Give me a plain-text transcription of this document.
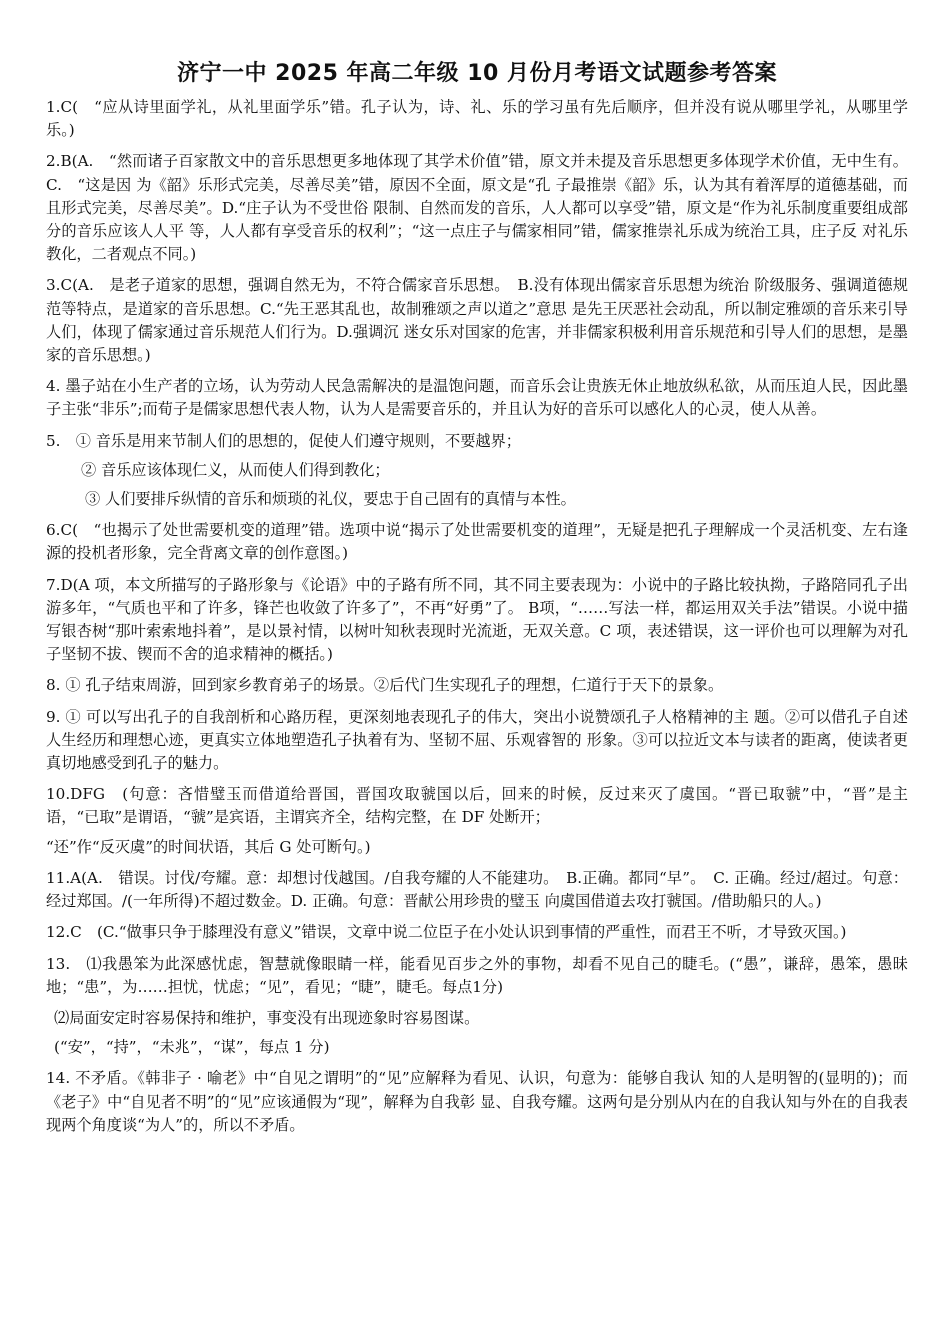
济宁一中 2025 年高二年级 10 月份月考语文试题参考答案

1.C(　“应从诗里面学礼，从礼里面学乐”错。孔子认为，诗、礼、乐的学习虽有先后顺序，但并没有说从哪里学礼，从哪里学乐。)

2.B(A.　“然而诸子百家散文中的音乐思想更多地体现了其学术价值”错，原文并未提及音乐思想更多体现学术价值，无中生有。C.　“这是因 为《韶》乐形式完美，尽善尽美”错，原因不全面，原文是“孔 子最推崇《韶》乐，认为其有着浑厚的道德基础，而且形式完美，尽善尽美”。D.“庄子认为不受世俗 限制、自然而发的音乐，人人都可以享受”错，原文是“作为礼乐制度重要组成部分的音乐应该人人平 等，人人都有享受音乐的权利”；“这一点庄子与儒家相同”错，儒家推崇礼乐成为统治工具，庄子反 对礼乐教化，二者观点不同。)

3.C(A.　是老子道家的思想，强调自然无为，不符合儒家音乐思想。　B.没有体现出儒家音乐思想为统治 阶级服务、强调道德规范等特点，是道家的音乐思想。C.“先王恶其乱也，故制雅颂之声以道之”意思 是先王厌恶社会动乱，所以制定雅颂的音乐来引导人们，体现了儒家通过音乐规范人们行为。D.强调沉 迷女乐对国家的危害，并非儒家积极利用音乐规范和引导人们的思想，是墨家的音乐思想。)

4. 墨子站在小生产者的立场，认为劳动人民急需解决的是温饱问题，而音乐会让贵族无休止地放纵私欲，从而压迫人民，因此墨子主张“非乐”;而荀子是儒家思想代表人物，认为人是需要音乐的，并且认为好的音乐可以感化人的心灵，使人从善。

5.　① 音乐是用来节制人们的思想的，促使人们遵守规则，不要越界；

② 音乐应该体现仁义，从而使人们得到教化；

③ 人们要排斥纵情的音乐和烦琐的礼仪，要忠于自己固有的真情与本性。

6.C(　“也揭示了处世需要机变的道理”错。选项中说“揭示了处世需要机变的道理”，无疑是把孔子理解成一个灵活机变、左右逢源的投机者形象，完全背离文章的创作意图。)

7.D(A 项，本文所描写的子路形象与《论语》中的子路有所不同，其不同主要表现为：小说中的子路比较执拗，子路陪同孔子出游多年，“气质也平和了许多，锋芒也收敛了许多了”，不再“好勇”了。 B项，“……写法一样，都运用双关手法”错误。小说中描写银杏树“那叶索索地抖着”，是以景衬情，以树叶知秋表现时光流逝，无双关意。C 项，表述错误，这一评价也可以理解为对孔子坚韧不拔、锲而不舍的追求精神的概括。)

8. ① 孔子结束周游，回到家乡教育弟子的场景。②后代门生实现孔子的理想，仁道行于天下的景象。

9. ① 可以写出孔子的自我剖析和心路历程，更深刻地表现孔子的伟大，突出小说赞颂孔子人格精神的主 题。②可以借孔子自述人生经历和理想心迹，更真实立体地塑造孔子执着有为、坚韧不屈、乐观睿智的 形象。③可以拉近文本与读者的距离，使读者更真切地感受到孔子的魅力。

10.DFG　(句意：吝惜璧玉而借道给晋国，晋国攻取虢国以后，回来的时候，反过来灭了虞国。“晋已取虢”中，“晋”是主语，“已取”是谓语，“虢”是宾语，主谓宾齐全，结构完整，在 DF 处断开；

“还”作“反灭虞”的时间状语，其后 G 处可断句。)

11.A(A.　错误。讨伐/夸耀。意：却想讨伐越国。/自我夸耀的人不能建功。　B.正确。都同“早”。　C. 正确。经过/超过。句意：经过郑国。/(一年所得)不超过数金。D. 正确。句意：晋献公用珍贵的璧玉 向虞国借道去攻打虢国。/借助船只的人。)

12.C　(C.“做事只争于膝理没有意义”错误，文章中说二位臣子在小处认识到事情的严重性，而君王不听，才导致灭国。)

13.　⑴我愚笨为此深感忧虑，智慧就像眼睛一样，能看见百步之外的事物，却看不见自己的睫毛。(“愚”，谦辞，愚笨，愚昧地；“患”，为……担忧，忧虑；“见”，看见；“睫”，睫毛。每点1分)

⑵局面安定时容易保持和维护，事变没有出现迹象时容易图谋。

(“安”，“持”，“未兆”，“谋”，每点 1 分)

14. 不矛盾。《韩非子 · 喻老》中“自见之谓明”的“见”应解释为看见、认识，句意为：能够自我认 知的人是明智的(显明的)；而《老子》中“自见者不明”的“见”应该通假为“现”，解释为自我彰 显、自我夸耀。这两句是分别从内在的自我认知与外在的自我表现两个角度谈“为人”的，所以不矛盾。
